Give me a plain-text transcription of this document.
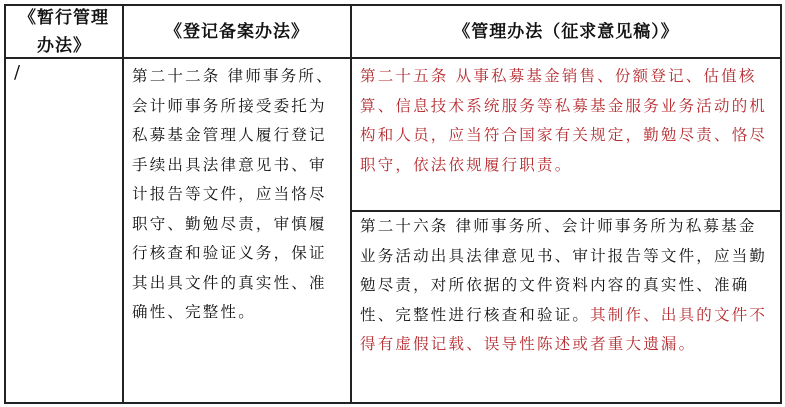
《暂行管理办法》
《登记备案办法》	《管理办法（征求意见稿）》
/	第二十二条 律师事务所、会计师事务所接受委托为私募基金管理人履行登记手续出具法律意见书、审计报告等文件，应当恪尽职守、勤勉尽责，审慎履行核查和验证义务，保证其出具文件的真实性、准确性、完整性。
第二十五条 从事私募基金销售、份额登记、估值核算、信息技术系统服务等私募基金服务业务活动的机构和人员，应当符合国家有关规定，勤勉尽责、恪尽职守，依法依规履行职责。
第二十六条 律师事务所、会计师事务所为私募基金业务活动出具法律意见书、审计报告等文件，应当勤勉尽责，对所依据的文件资料内容的真实性、准确性、完整性进行核查和验证。其制作、出具的文件不得有虚假记载、误导性陈述或者重大遗漏。
